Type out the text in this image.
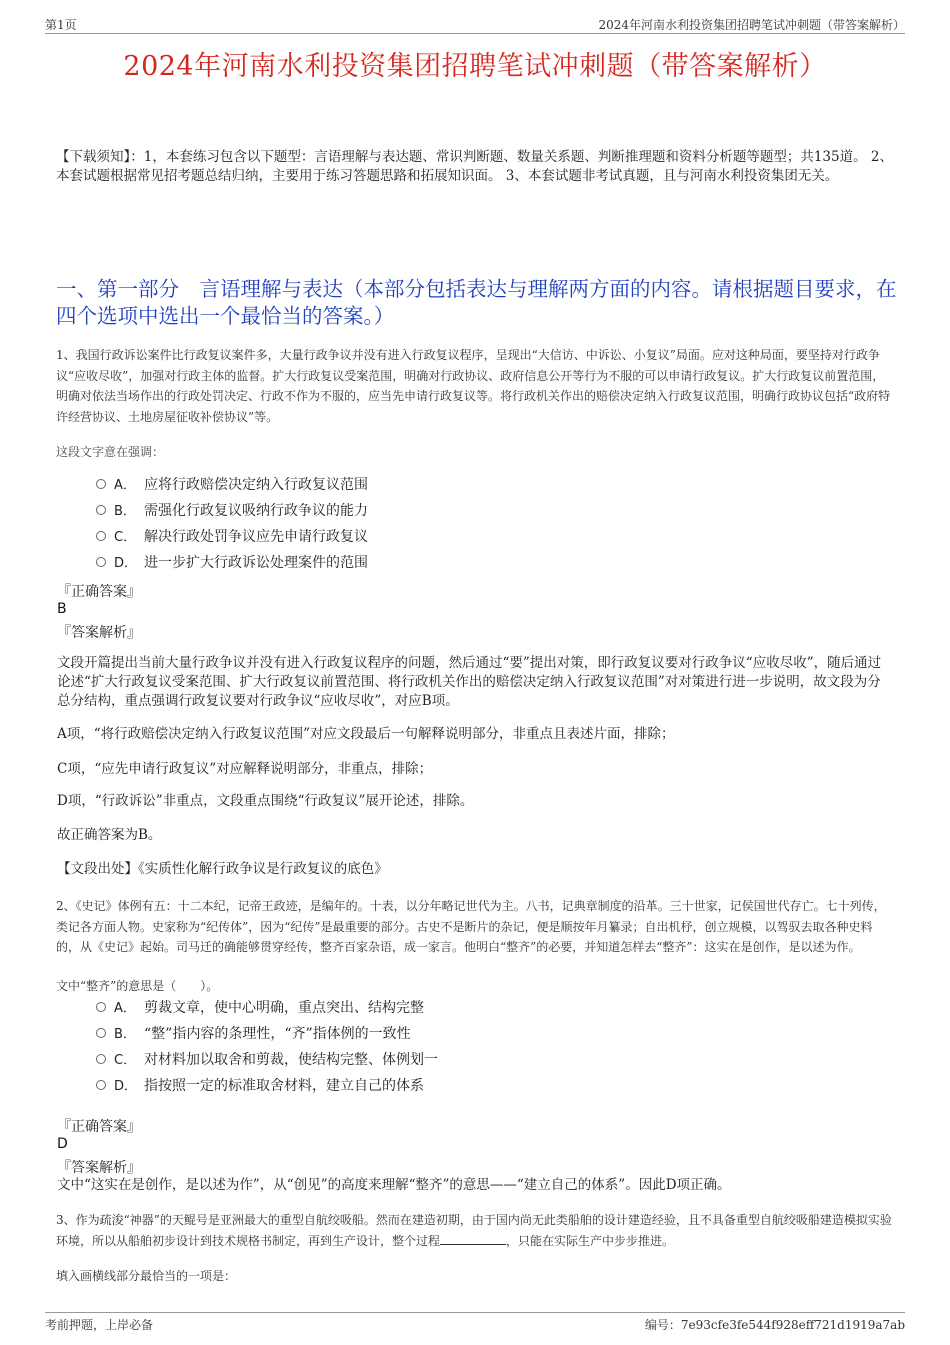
第1页	2024年河南水利投资集团招聘笔试冲刺题（带答案解析）
2024年河南水利投资集团招聘笔试冲刺题（带答案解析）
【下载须知】：1，本套练习包含以下题型：言语理解与表达题、常识判断题、数量关系题、判断推理题和资料分析题等题型；共135道。 2、本套试题根据常见招考题总结归纳，主要用于练习答题思路和拓展知识面。 3、本套试题非考试真题，且与河南水利投资集团无关。
一、第一部分　言语理解与表达（本部分包括表达与理解两方面的内容。请根据题目要求，在四个选项中选出一个最恰当的答案。）
1、我国行政诉讼案件比行政复议案件多，大量行政争议并没有进入行政复议程序，呈现出“大信访、中诉讼、小复议”局面。应对这种局面，要坚持对行政争议“应收尽收”，加强对行政主体的监督。扩大行政复议受案范围，明确对行政协议、政府信息公开等行为不服的可以申请行政复议。扩大行政复议前置范围，明确对依法当场作出的行政处罚决定、行政不作为不服的，应当先申请行政复议等。将行政机关作出的赔偿决定纳入行政复议范围，明确行政协议包括“政府特许经营协议、土地房屋征收补偿协议”等。
这段文字意在强调：
A． 应将行政赔偿决定纳入行政复议范围
B． 需强化行政复议吸纳行政争议的能力
C． 解决行政处罚争议应先申请行政复议
D． 进一步扩大行政诉讼处理案件的范围
『正确答案』
B
『答案解析』
文段开篇提出当前大量行政争议并没有进入行政复议程序的问题，然后通过“要”提出对策，即行政复议要对行政争议“应收尽收”，随后通过论述“扩大行政复议受案范围、扩大行政复议前置范围、将行政机关作出的赔偿决定纳入行政复议范围”对对策进行进一步说明，故文段为分总分结构，重点强调行政复议要对行政争议“应收尽收”，对应B项。
A项，“将行政赔偿决定纳入行政复议范围”对应文段最后一句解释说明部分，非重点且表述片面，排除；
C项，“应先申请行政复议”对应解释说明部分，非重点，排除；
D项，“行政诉讼”非重点，文段重点围绕“行政复议”展开论述，排除。
故正确答案为B。
【文段出处】《实质性化解行政争议是行政复议的底色》
2、《史记》体例有五：十二本纪，记帝王政迹，是编年的。十表，以分年略记世代为主。八书，记典章制度的沿革。三十世家，记侯国世代存亡。七十列传，类记各方面人物。史家称为“纪传体”，因为“纪传”是最重要的部分。古史不是断片的杂记，便是顺按年月纂录；自出机杼，创立规模，以驾驭去取各种史料的，从《史记》起始。司马迁的确能够贯穿经传，整齐百家杂语，成一家言。他明白“整齐”的必要，并知道怎样去“整齐”：这实在是创作，是以述为作。
文中“整齐”的意思是（　　）。
A． 剪裁文章，使中心明确，重点突出、结构完整
B． “整”指内容的条理性，“齐”指体例的一致性
C． 对材料加以取舍和剪裁，使结构完整、体例划一
D． 指按照一定的标准取舍材料，建立自己的体系
『正确答案』
D
『答案解析』
文中“这实在是创作，是以述为作”，从“创见”的高度来理解“整齐”的意思——“建立自己的体系”。因此D项正确。
3、作为疏浚“神器”的天鲲号是亚洲最大的重型自航绞吸船。然而在建造初期，由于国内尚无此类船舶的设计建造经验，且不具备重型自航绞吸船建造模拟实验环境，所以从船舶初步设计到技术规格书制定，再到生产设计，整个过程	，只能在实际生产中步步推进。
填入画横线部分最恰当的一项是：
考前押题，上岸必备	编号：7e93cfe3fe544f928eff721d1919a7ab
